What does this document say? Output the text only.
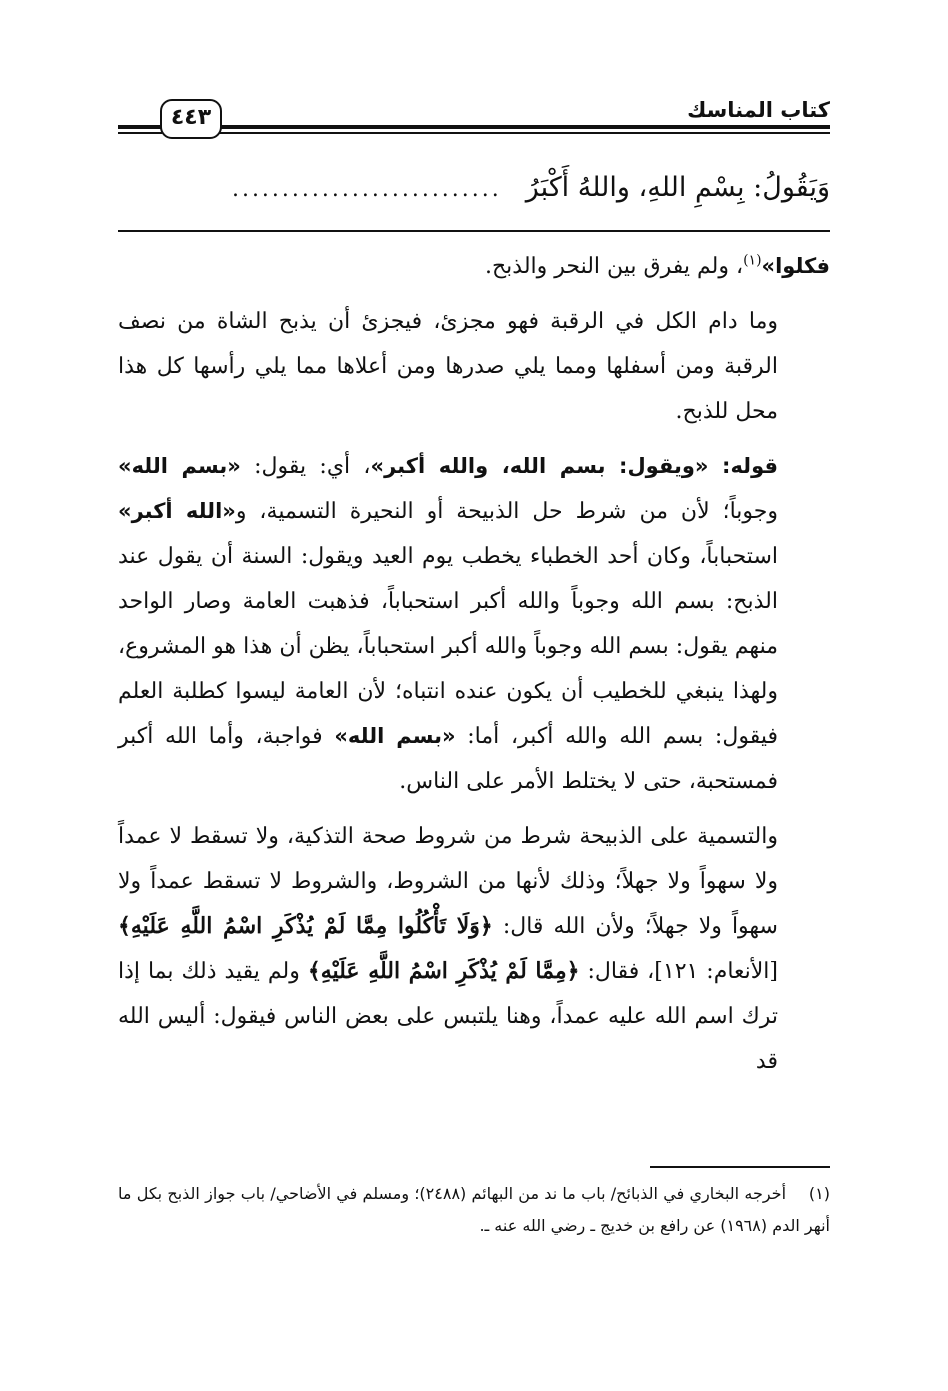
٤٤٣	كتاب المناسك
وَيَقُولُ: بِسْمِ اللهِ، واللهُ أَكْبَرُ...........................

فكلوا»$^{(١)}$، ولم يفرق بين النحر والذبح.

وما دام الكل في الرقبة فهو مجزئ، فيجزئ أن يذبح الشاة من نصف الرقبة ومن أسفلها ومما يلي صدرها ومن أعلاها مما يلي رأسها كل هذا محل للذبح.

قوله: «ويقول: بسم الله، والله أكبر»، أي: يقول: «بسم الله» وجوباً؛ لأن من شرط حل الذبيحة أو النحيرة التسمية، و«الله أكبر» استحباباً، وكان أحد الخطباء يخطب يوم العيد ويقول: السنة أن يقول عند الذبح: بسم الله وجوباً والله أكبر استحباباً، فذهبت العامة وصار الواحد منهم يقول: بسم الله وجوباً والله أكبر استحباباً، يظن أن هذا هو المشروع، ولهذا ينبغي للخطيب أن يكون عنده انتباه؛ لأن العامة ليسوا كطلبة العلم فيقول: بسم الله والله أكبر، أما: «بسم الله» فواجبة، وأما الله أكبر فمستحبة، حتى لا يختلط الأمر على الناس.

والتسمية على الذبيحة شرط من شروط صحة التذكية، ولا تسقط لا عمداً ولا سهواً ولا جهلاً؛ وذلك لأنها من الشروط، والشروط لا تسقط عمداً ولا سهواً ولا جهلاً؛ ولأن الله قال: ﴿وَلَا تَأْكُلُوا مِمَّا لَمْ يُذْكَرِ اسْمُ اللَّهِ عَلَيْهِ﴾ [الأنعام: ١٢١]، فقال: ﴿مِمَّا لَمْ يُذْكَرِ اسْمُ اللَّهِ عَلَيْهِ﴾ ولم يقيد ذلك بما إذا ترك اسم الله عليه عمداً، وهنا يلتبس على بعض الناس فيقول: أليس الله قد

(١)أخرجه البخاري في الذبائح/ باب ما ند من البهائم (٢٤٨٨)؛ ومسلم في الأضاحي/ باب جواز الذبح بكل ما أنهر الدم (١٩٦٨) عن رافع بن خديج ـ رضي الله عنه ـ.
